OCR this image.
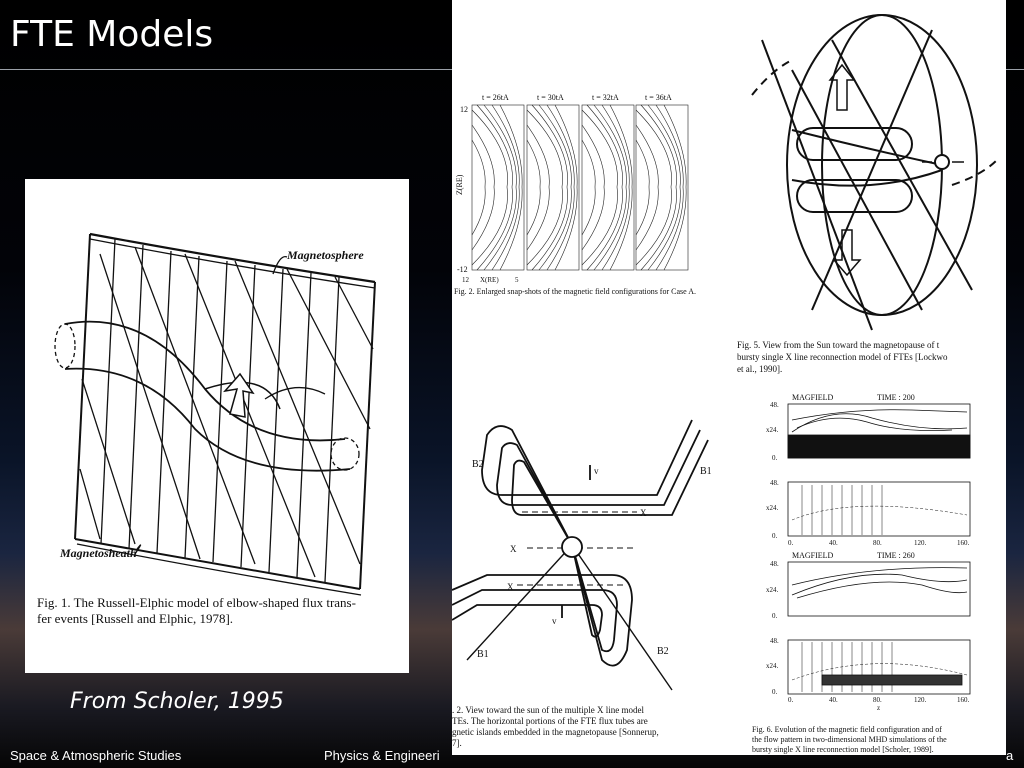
FTE Models
Magnetosphere
Magnetosheath
Fig. 1. The Russell-Elphic model of elbow-shaped flux trans-
fer events [Russell and Elphic, 1978].
t = 26tA	t = 30tA	t = 32tA	t = 36tA
12
-12
Z(RE)
12 X(RE) 5
Fig. 2. Enlarged snap-shots of the magnetic field configurations for Case A.
Fig. 5. View from the Sun toward the magnetopause of t
bursty single X line reconnection model of FTEs [Lockwo
et al., 1990].
B2
B1
B1	B2
v
v
X
X
X
. 2. View toward the sun of the multiple X line model
TEs. The horizontal portions of the FTE flux tubes are
gnetic islands embedded in the magnetopause [Sonnerup,
7].
MAGFIELD	TIME : 200
MAGFIELD	TIME : 260
48.
x24.
0.
48.
x24.
0.
48.
x24.
0.
48.
x24.
0.
0.	40.	80.	120.	160.
0.	40.	80.	120.	160.
z
Fig. 6. Evolution of the magnetic field configuration and of
the flow pattern in two-dimensional MHD simulations of the
bursty single X line reconnection model [Scholer, 1989].
From Scholer, 1995
Space & Atmospheric Studies	Physics & Engineeri	a
